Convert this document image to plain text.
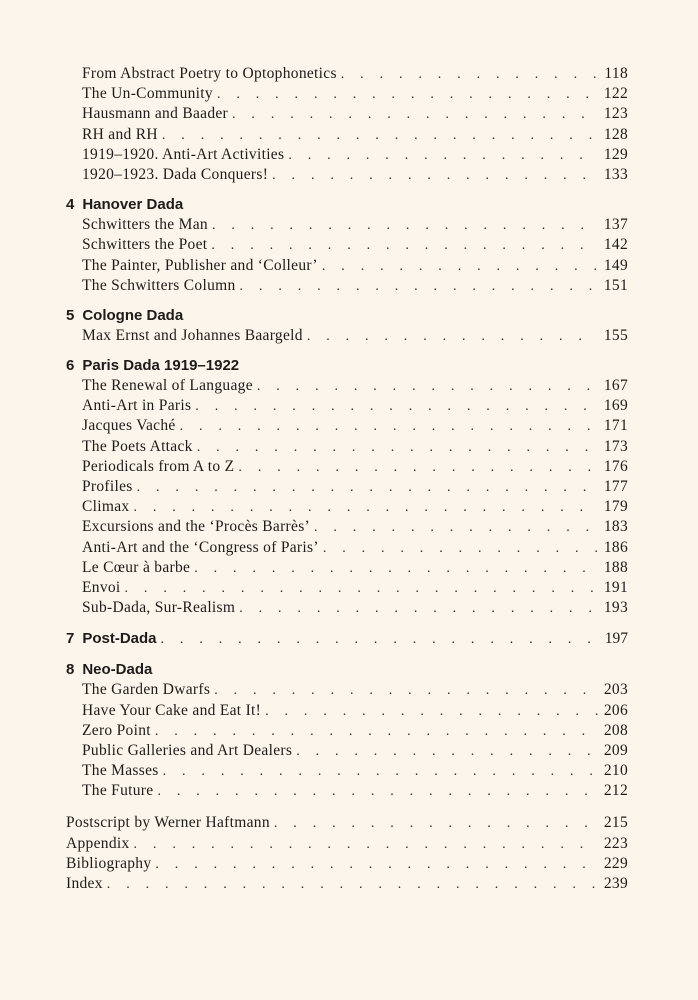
From Abstract Poetry to Optophonetics . . .	118
The Un-Community . . .	122
Hausmann and Baader . . .	123
RH and RH . . .	128
1919–1920. Anti-Art Activities . . .	129
1920–1923. Dada Conquers! . . .	133
4 Hanover Dada
Schwitters the Man . . .	137
Schwitters the Poet . . .	142
The Painter, Publisher and ‘Colleur’ . . .	149
The Schwitters Column . . .	151
5 Cologne Dada
Max Ernst and Johannes Baargeld . . .	155
6 Paris Dada 1919–1922
The Renewal of Language . . .	167
Anti-Art in Paris . . .	169
Jacques Vaché . . .	171
The Poets Attack . . .	173
Periodicals from A to Z . . .	176
Profiles . . .	177
Climax . . .	179
Excursions and the ‘Procès Barrès’ . . .	183
Anti-Art and the ‘Congress of Paris’ . . .	186
Le Cœur à barbe . . .	188
Envoi . . .	191
Sub-Dada, Sur-Realism . . .	193
7 Post-Dada . . .	197
8 Neo-Dada
The Garden Dwarfs . . .	203
Have Your Cake and Eat It! . . .	206
Zero Point . . .	208
Public Galleries and Art Dealers . . .	209
The Masses . . .	210
The Future . . .	212
Postscript by Werner Haftmann . . .	215
Appendix . . .	223
Bibliography . . .	229
Index . . .	239
